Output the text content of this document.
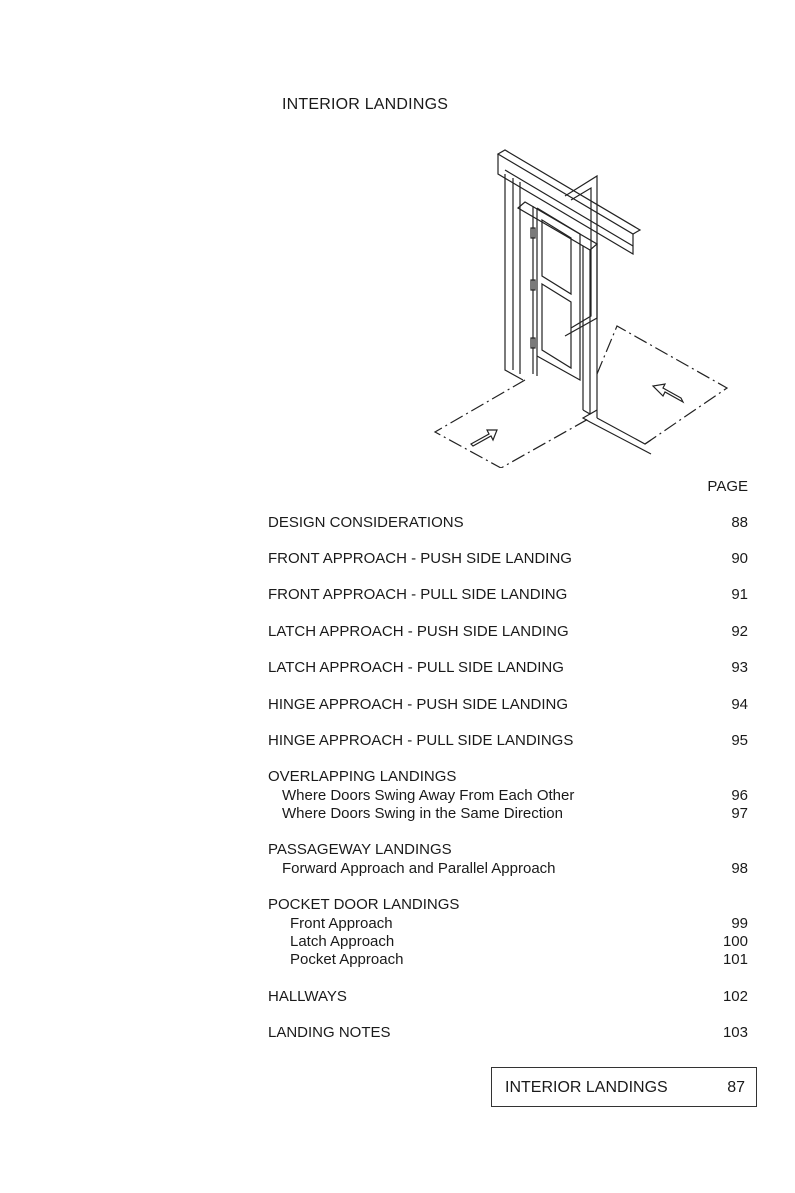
INTERIOR LANDINGS
PAGE
DESIGN CONSIDERATIONS	88
FRONT APPROACH - PUSH SIDE LANDING	90
FRONT APPROACH - PULL SIDE LANDING	91
LATCH APPROACH - PUSH SIDE LANDING	92
LATCH APPROACH - PULL SIDE LANDING	93
HINGE APPROACH - PUSH SIDE LANDING	94
HINGE APPROACH - PULL SIDE LANDINGS	95
OVERLAPPING LANDINGS
Where Doors Swing Away From Each Other	96
Where Doors Swing in the Same Direction	97
PASSAGEWAY LANDINGS
Forward Approach and Parallel Approach	98
POCKET DOOR LANDINGS
Front Approach	99
Latch Approach	100
Pocket Approach	101
HALLWAYS	102
LANDING NOTES	103
INTERIOR LANDINGS	87
